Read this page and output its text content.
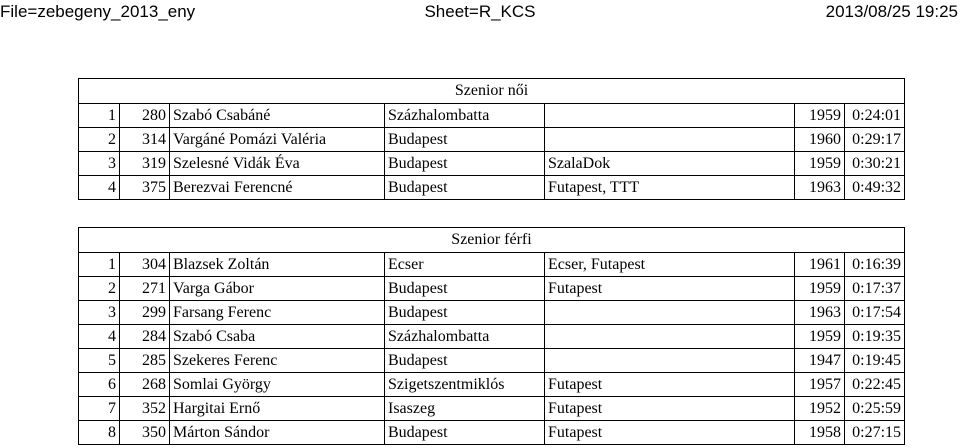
File=zebegeny_2013_eny	Sheet=R_KCS	2013/08/25 19:25
Szenior női						
1	280	Szabó Csabáné	Százhalombatta		1959	0:24:01
2	314	Vargáné Pomázi Valéria	Budapest		1960	0:29:17
3	319	Szelesné Vidák Éva	Budapest	SzalaDok	1959	0:30:21
4	375	Berezvai Ferencné	Budapest	Futapest, TTT	1963	0:49:32
Szenior férfi						
1	304	Blazsek Zoltán	Ecser	Ecser, Futapest	1961	0:16:39
2	271	Varga Gábor	Budapest	Futapest	1959	0:17:37
3	299	Farsang Ferenc	Budapest		1963	0:17:54
4	284	Szabó Csaba	Százhalombatta		1959	0:19:35
5	285	Szekeres Ferenc	Budapest		1947	0:19:45
6	268	Somlai György	Szigetszentmiklós	Futapest	1957	0:22:45
7	352	Hargitai Ernő	Isaszeg	Futapest	1952	0:25:59
8	350	Márton Sándor	Budapest	Futapest	1958	0:27:15
